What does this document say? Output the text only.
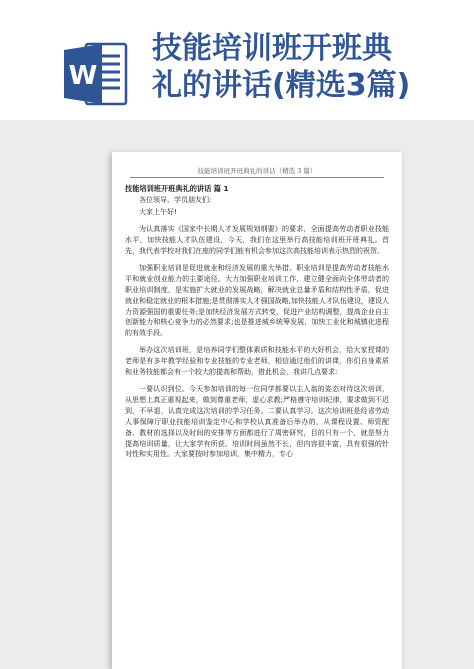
W
技能培训班开班典
礼的讲话(精选3篇)
技能培训班开班典礼的讲话（精选 3 篇）
技能培训班开班典礼的讲话 篇 1
各位领导、学员朋友们:
大家上午好!
为认真落实《国家中长期人才发展规划纲要》的要求，全面提高劳动者职业技能水平，加快技能人才队伍建设，今天，我们在这里举行高技能培训班开班典礼。首先，我代表学校对我们在座的同学们能有机会参加这次高技能培训表示热烈的祝贺。
加强职业培训是促进就业和经济发展的重大举措。职业培训是提高劳动者技能水平和就业创业能力的主要途径。大力加强职业培训工作，建立健全面向全体劳动者的职业培训制度，是实施扩大就业的发展战略，解决就业总量矛盾和结构性矛盾，促进就业和稳定就业的根本措施;是贯彻落实人才强国战略,加快技能人才队伍建设，建设人力资源强国的重要任务;是加快经济发展方式转变，促进产业结构调整，提高企业自主创新能力和核心竞争力的必然要求;也是推进城乡统筹发展，加快工业化和城镇化进程的有效手段。
举办这次培训班，是培养同学们整体素质和技能水平的大好机会，给大家授课的老师是有多年教学经验和专业技能的专业老师，相信通过他们的讲课，你们自身素质和业务技能都会有一个较大的提高和帮助，借此机会，我讲几点要求:
一要认识到位。今天参加培训的每一位同学都要以主人翁的姿态对待这次培训，从思想上真正重视起来，做到尊重老师，虚心求教;严格遵守培训纪律，要求做到不迟到，不早退，认真完成这次培训的学习任务。二要认真学习。这次培训班是经省劳动人事保障厅职业技能培训鉴定中心和学校认真准备后举办的，从课程设置、师资配备、教材的选择以及时间的安排等方面都进行了周密研究，目的只有一个，就是努力提高培训质量，让大家学有所获。培训时间虽然不长，但内容很丰富，具有很强的针对性和实用性。大家要按时参加培训，集中精力，专心
